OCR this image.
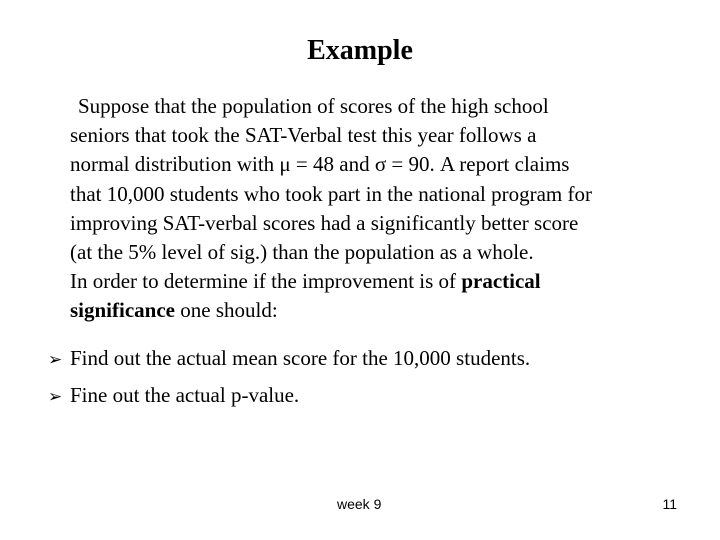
Example
Suppose that the population of scores of the high school
seniors that took the SAT-Verbal test this year follows a
normal distribution with μ = 48 and σ = 90. A report claims
that 10,000 students who took part in the national program for
improving SAT-verbal scores had a significantly better score
(at the 5% level of sig.) than the population as a whole.
In order to determine if the improvement is of practical
significance one should:
➢ Find out the actual mean score for the 10,000 students.
➢ Fine out the actual p-value.
week 9	11
